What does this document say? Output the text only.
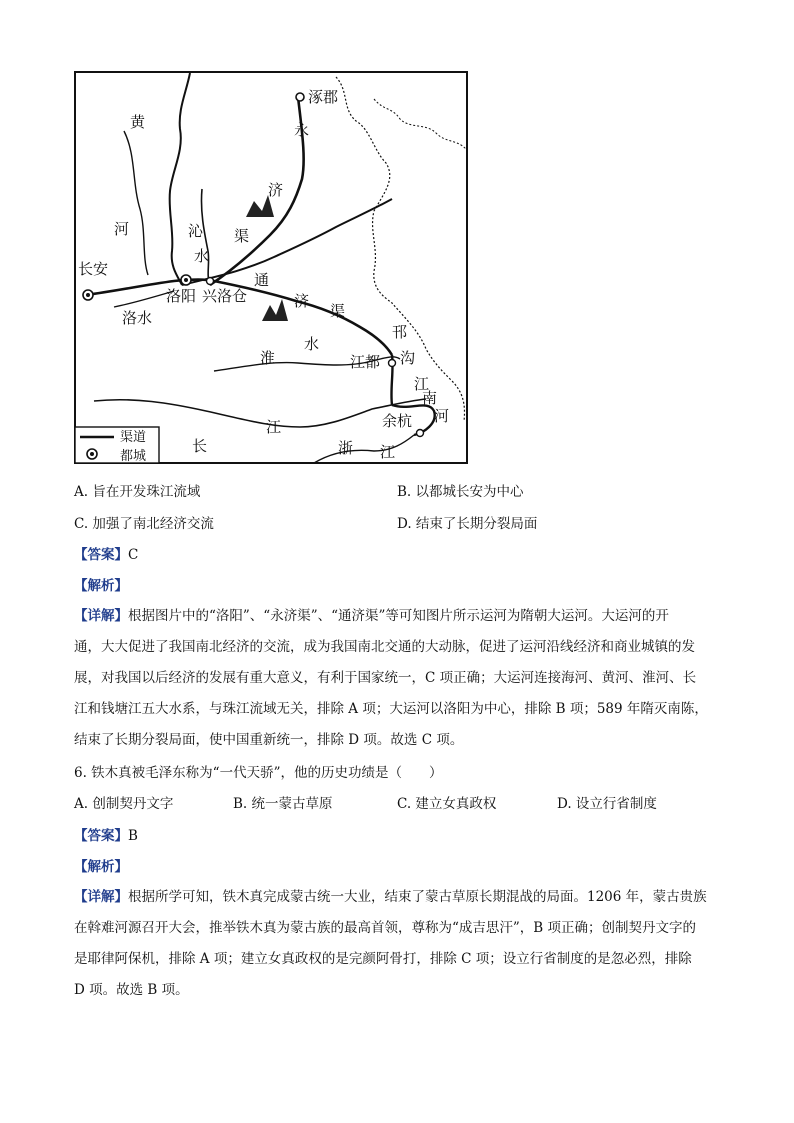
涿郡
黄
河
永
济
沁
水
渠
长安
洛阳 兴洛仓
通
济
渠
洛水
淮
水
江都
邗
沟
江
南
河
余杭
长
江
浙 江
渠道
都城
A. 旨在开发珠江流域	B. 以都城长安为中心
C. 加强了南北经济交流	D. 结束了长期分裂局面
【答案】C
【解析】
【详解】根据图片中的“洛阳”、“永济渠”、“通济渠”等可知图片所示运河为隋朝大运河。大运河的开
通，大大促进了我国南北经济的交流，成为我国南北交通的大动脉，促进了运河沿线经济和商业城镇的发
展，对我国以后经济的发展有重大意义，有利于国家统一，C 项正确；大运河连接海河、黄河、淮河、长
江和钱塘江五大水系，与珠江流域无关，排除 A 项；大运河以洛阳为中心，排除 B 项；589 年隋灭南陈，
结束了长期分裂局面，使中国重新统一，排除 D 项。故选 C 项。
6. 铁木真被毛泽东称为“一代天骄”，他的历史功绩是（　　）
A. 创制契丹文字	B. 统一蒙古草原	C. 建立女真政权	D. 设立行省制度
【答案】B
【解析】
【详解】根据所学可知，铁木真完成蒙古统一大业，结束了蒙古草原长期混战的局面。1206 年，蒙古贵族
在斡难河源召开大会，推举铁木真为蒙古族的最高首领，尊称为“成吉思汗”，B 项正确；创制契丹文字的
是耶律阿保机，排除 A 项；建立女真政权的是完颜阿骨打，排除 C 项；设立行省制度的是忽必烈，排除
D 项。故选 B 项。
